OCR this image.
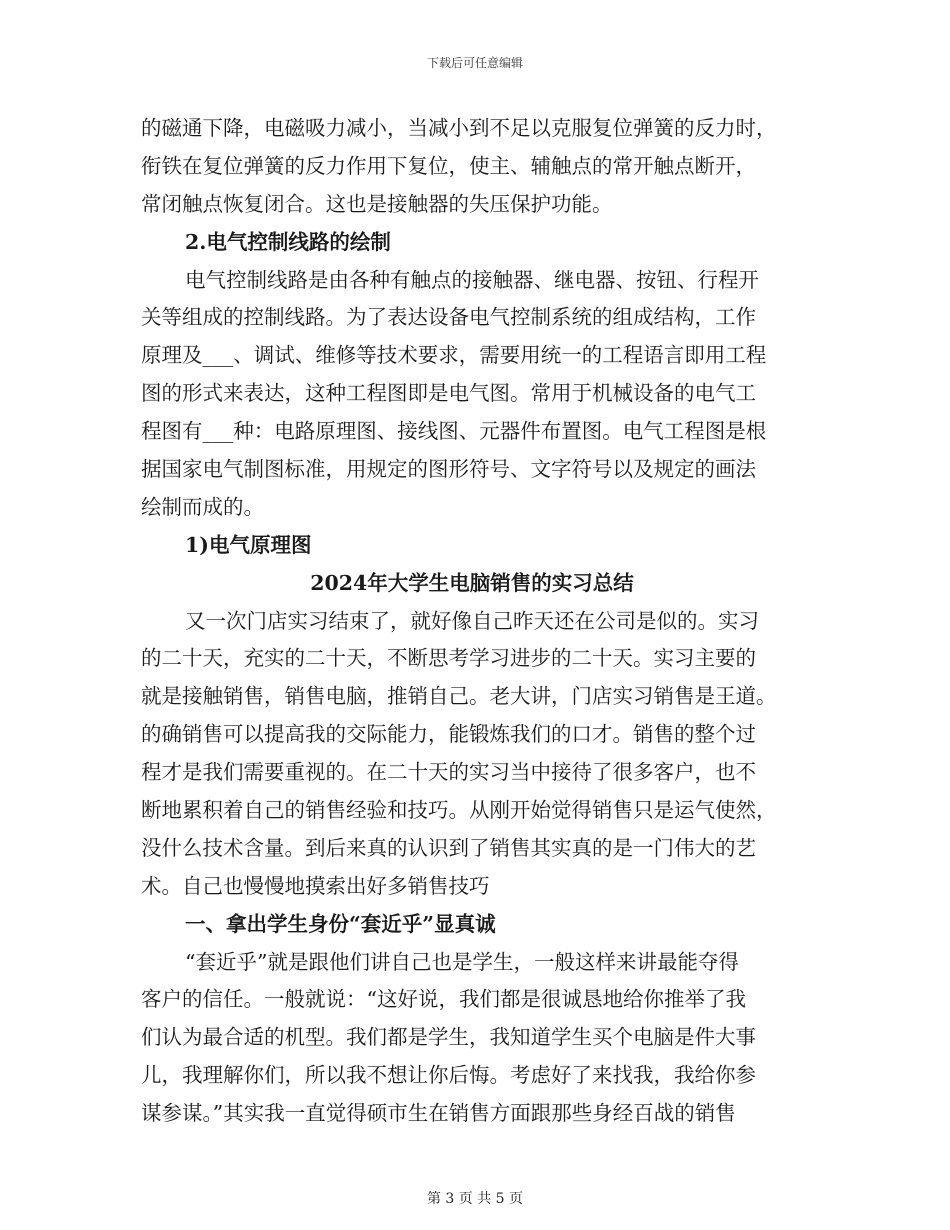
下载后可任意编辑
的磁通下降，电磁吸力减小，当减小到不足以克服复位弹簧的反力时，
衔铁在复位弹簧的反力作用下复位，使主、辅触点的常开触点断开，
常闭触点恢复闭合。这也是接触器的失压保护功能。
2.电气控制线路的绘制
电气控制线路是由各种有触点的接触器、继电器、按钮、行程开
关等组成的控制线路。为了表达设备电气控制系统的组成结构，工作
原理及___、调试、维修等技术要求，需要用统一的工程语言即用工程
图的形式来表达，这种工程图即是电气图。常用于机械设备的电气工
程图有___种：电路原理图、接线图、元器件布置图。电气工程图是根
据国家电气制图标准，用规定的图形符号、文字符号以及规定的画法
绘制而成的。
1)电气原理图
2024年大学生电脑销售的实习总结
又一次门店实习结束了，就好像自己昨天还在公司是似的。实习
的二十天，充实的二十天，不断思考学习进步的二十天。实习主要的
就是接触销售，销售电脑，推销自己。老大讲，门店实习销售是王道。
的确销售可以提高我的交际能力，能锻炼我们的口才。销售的整个过
程才是我们需要重视的。在二十天的实习当中接待了很多客户，也不
断地累积着自己的销售经验和技巧。从刚开始觉得销售只是运气使然，
没什么技术含量。到后来真的认识到了销售其实真的是一门伟大的艺
术。自己也慢慢地摸索出好多销售技巧
一、拿出学生身份“套近乎”显真诚
“套近乎”就是跟他们讲自己也是学生，一般这样来讲最能夺得
客户的信任。一般就说：“这好说，我们都是很诚恳地给你推举了我
们认为最合适的机型。我们都是学生，我知道学生买个电脑是件大事
儿，我理解你们，所以我不想让你后悔。考虑好了来找我，我给你参
谋参谋。”其实我一直觉得硕市生在销售方面跟那些身经百战的销售
第 3 页 共 5 页
